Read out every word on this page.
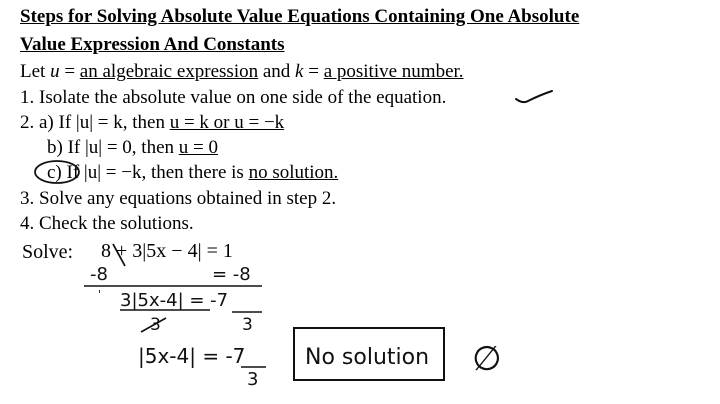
Steps for Solving Absolute Value Equations Containing One Absolute
Value Expression And Constants
Let u = an algebraic expression and k = a positive number.
1. Isolate the absolute value on one side of the equation.
2. a) If |u| = k, then u = k or u = −k
b) If |u| = 0, then u = 0
c) If |u| = −k, then there is no solution.
3. Solve any equations obtained in step 2.
4. Check the solutions.
Solve: 8 + 3|5x − 4| = 1
-8	= -8
' 3|5x-4| = -7
3	3
|5x-4| = -7
3
No solution ∅
